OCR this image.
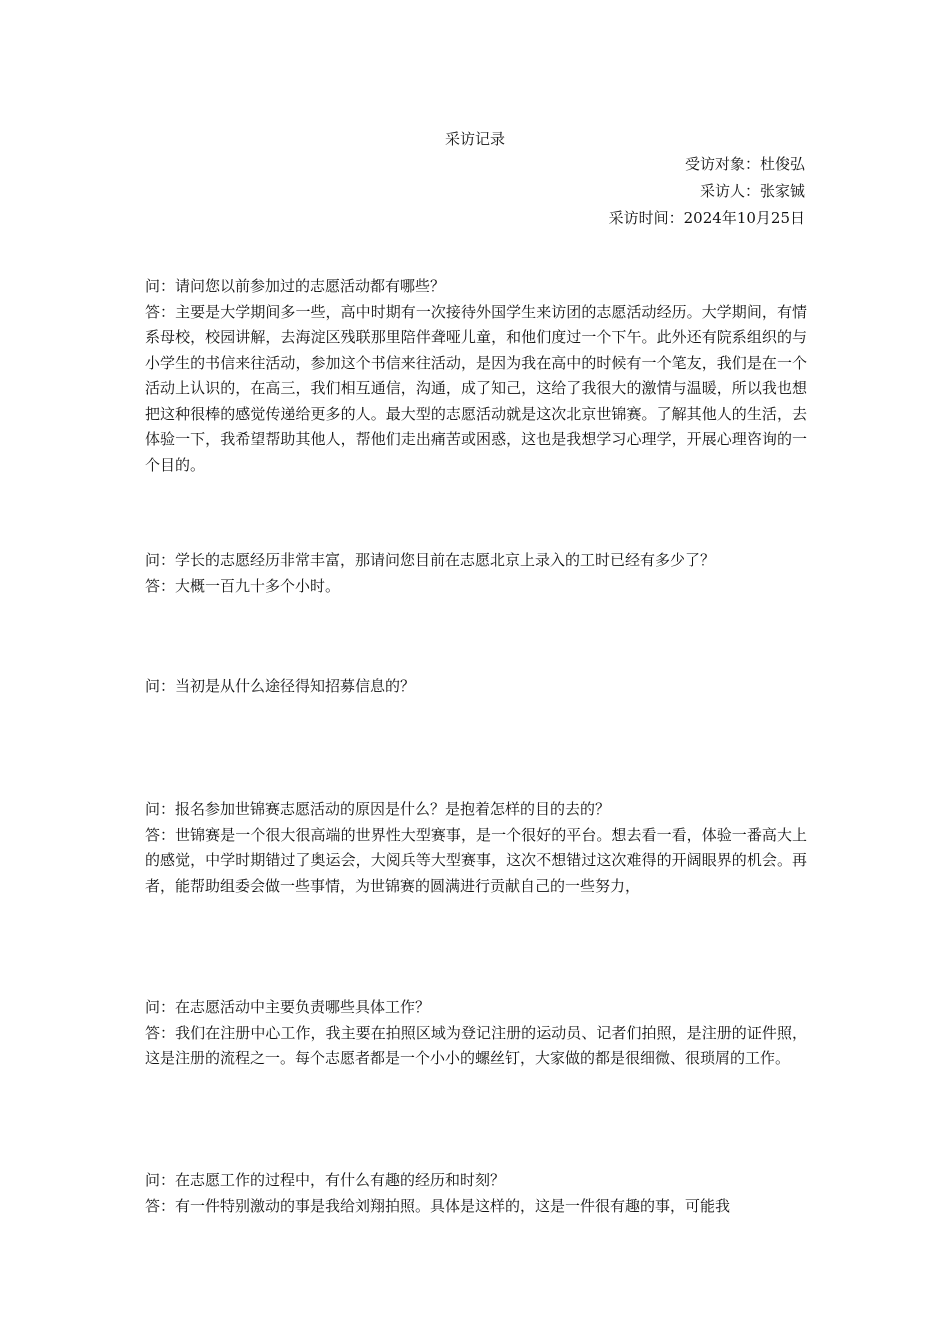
采访记录
受访对象：杜俊弘
采访人：张家铖
采访时间：2024年10月25日

问：请问您以前参加过的志愿活动都有哪些？

答：主要是大学期间多一些，高中时期有一次接待外国学生来访团的志愿活动经历。大学期间，有情系母校，校园讲解，去海淀区残联那里陪伴聋哑儿童，和他们度过一个下午。此外还有院系组织的与小学生的书信来往活动，参加这个书信来往活动，是因为我在高中的时候有一个笔友，我们是在一个活动上认识的，在高三，我们相互通信，沟通，成了知己，这给了我很大的激情与温暖，所以我也想把这种很棒的感觉传递给更多的人。最大型的志愿活动就是这次北京世锦赛。了解其他人的生活，去体验一下，我希望帮助其他人，帮他们走出痛苦或困惑，这也是我想学习心理学，开展心理咨询的一个目的。

问：学长的志愿经历非常丰富，那请问您目前在志愿北京上录入的工时已经有多少了？

答：大概一百九十多个小时。

问：当初是从什么途径得知招募信息的？

问：报名参加世锦赛志愿活动的原因是什么？是抱着怎样的目的去的？

答：世锦赛是一个很大很高端的世界性大型赛事，是一个很好的平台。想去看一看，体验一番高大上的感觉，中学时期错过了奥运会，大阅兵等大型赛事，这次不想错过这次难得的开阔眼界的机会。再者，能帮助组委会做一些事情，为世锦赛的圆满进行贡献自己的一些努力，

问：在志愿活动中主要负责哪些具体工作？

答：我们在注册中心工作，我主要在拍照区域为登记注册的运动员、记者们拍照，是注册的证件照，这是注册的流程之一。每个志愿者都是一个小小的螺丝钉，大家做的都是很细微、很琐屑的工作。

问：在志愿工作的过程中，有什么有趣的经历和时刻？

答：有一件特别激动的事是我给刘翔拍照。具体是这样的，这是一件很有趣的事，可能我
